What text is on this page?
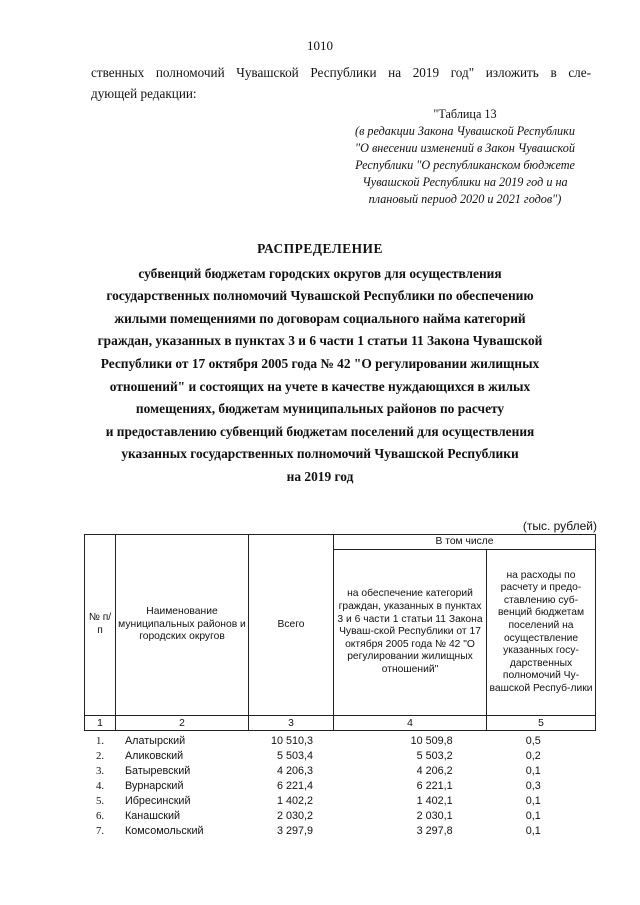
1010
ственных полномочий Чувашской Республики на 2019 год" изложить в сле-
дующей редакции:
"Таблица 13
(в редакции Закона Чувашской Республики
"О внесении изменений в Закон Чувашской
Республики "О республиканском бюджете
Чувашской Республики на 2019 год и на
плановый период 2020 и 2021 годов")
РАСПРЕДЕЛЕНИЕ
субвенций бюджетам городских округов для осуществления
государственных полномочий Чувашской Республики по обеспечению
жилыми помещениями по договорам социального найма категорий
граждан, указанных в пунктах 3 и 6 части 1 статьи 11 Закона Чувашской
Республики от 17 октября 2005 года № 42 "О регулировании жилищных
отношений" и состоящих на учете в качестве нуждающихся в жилых
помещениях, бюджетам муниципальных районов по расчету
и предоставлению субвенций бюджетам поселений для осуществления
указанных государственных полномочий Чувашской Республики
на 2019 год
(тыс. рублей)
№ п/п	Наименование муниципальных районов и городских округов	Всего	В том числе	
			на обеспечение категорий граждан, указанных в пунктах 3 и 6 части 1 статьи 11 Закона Чуваш-ской Республики от 17 октября 2005 года № 42 "О регулировании жилищных отношений"	на расходы по расчету и предо-ставлению суб-венций бюджетам поселений на осуществление указанных госу-дарственных полномочий Чу-вашской Респуб-лики
1	2	3	4	5
1.	Алатырский	10 510,3	10 509,8	0,5
2.	Аликовский	5 503,4	5 503,2	0,2
3.	Батыревский	4 206,3	4 206,2	0,1
4.	Вурнарский	6 221,4	6 221,1	0,3
5.	Ибресинский	1 402,2	1 402,1	0,1
6.	Канашский	2 030,2	2 030,1	0,1
7.	Комсомольский	3 297,9	3 297,8	0,1
